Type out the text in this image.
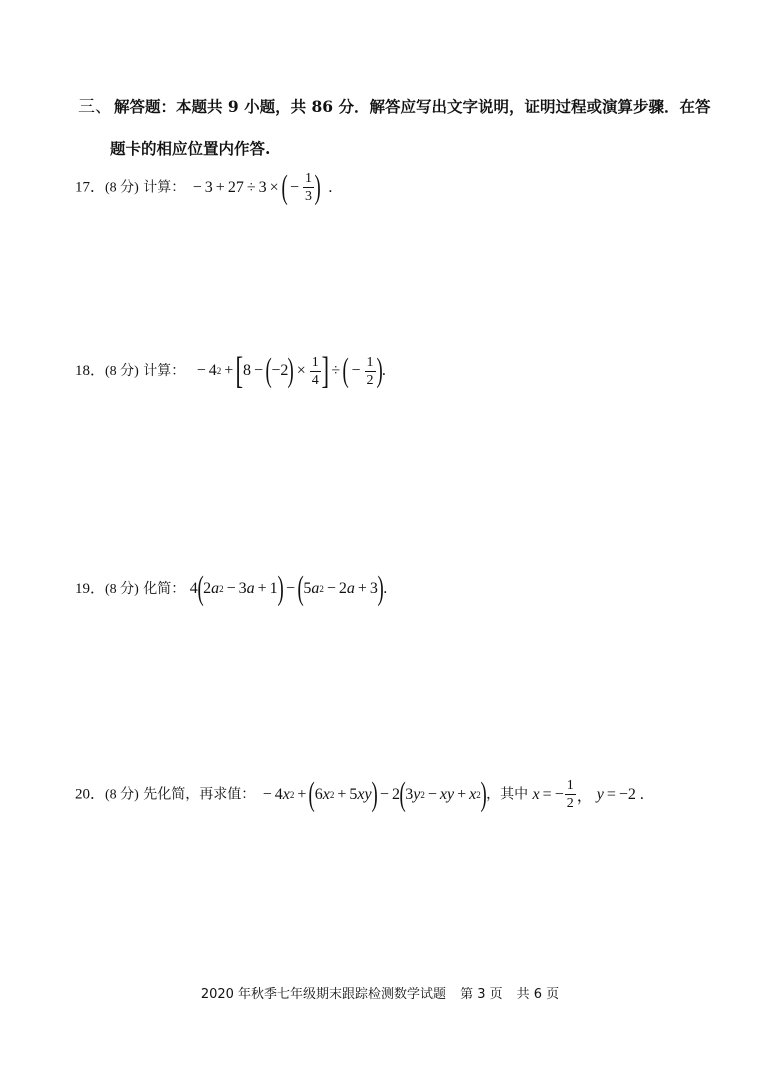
三、 解答题：本题共 9 小题，共 86 分．解答应写出文字说明，证明过程或演算步骤．在答
题卡的相应位置内作答.
17．(8 分) 计算： − 3 + 27 ÷ 3 × ( − $\frac{1}{3}$ ) .
18．(8 分) 计算： − 4 2 + [ 8 − ( −2 ) × $\frac{1}{4}$ ] ÷ ( − $\frac{1}{2}$ ) .
19．(8 分) 化简： 4 ( 2 a 2 − 3 a + 1 ) − ( 5 a 2 − 2 a + 3 ) .
20．(8 分) 先化简，再求值： − 4 x 2 + ( 6 x 2 + 5 xy ) − 2 ( 3 y 2 − xy + x 2 ) ，其中 x = − $\frac{1}{2}$ ， y = −2 .
2020 年秋季七年级期末跟踪检测数学试题 第 3 页 共 6 页
